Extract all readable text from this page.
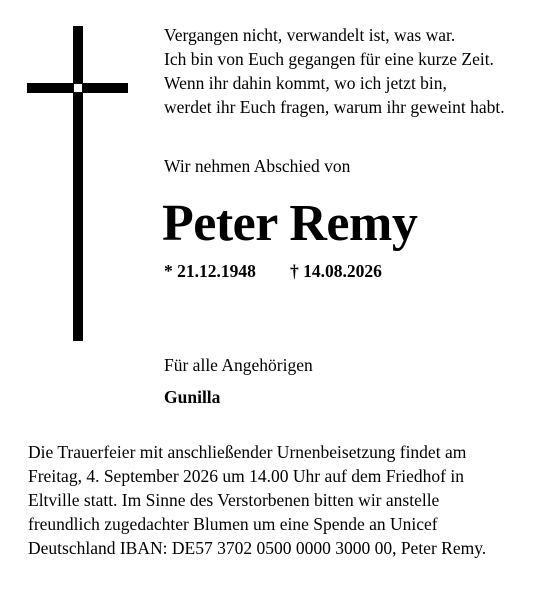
Vergangen nicht, verwandelt ist, was war.
Ich bin von Euch gegangen für eine kurze Zeit.
Wenn ihr dahin kommt, wo ich jetzt bin,
werdet ihr Euch fragen, warum ihr geweint habt.
Wir nehmen Abschied von
Peter Remy
* 21.12.1948 † 14.08.2026
Für alle Angehörigen
Gunilla
Die Trauerfeier mit anschließender Urnenbeisetzung findet am
Freitag, 4. September 2026 um 14.00 Uhr auf dem Friedhof in
Eltville statt. Im Sinne des Verstorbenen bitten wir anstelle
freundlich zugedachter Blumen um eine Spende an Unicef
Deutschland IBAN: DE57 3702 0500 0000 3000 00, Peter Remy.
